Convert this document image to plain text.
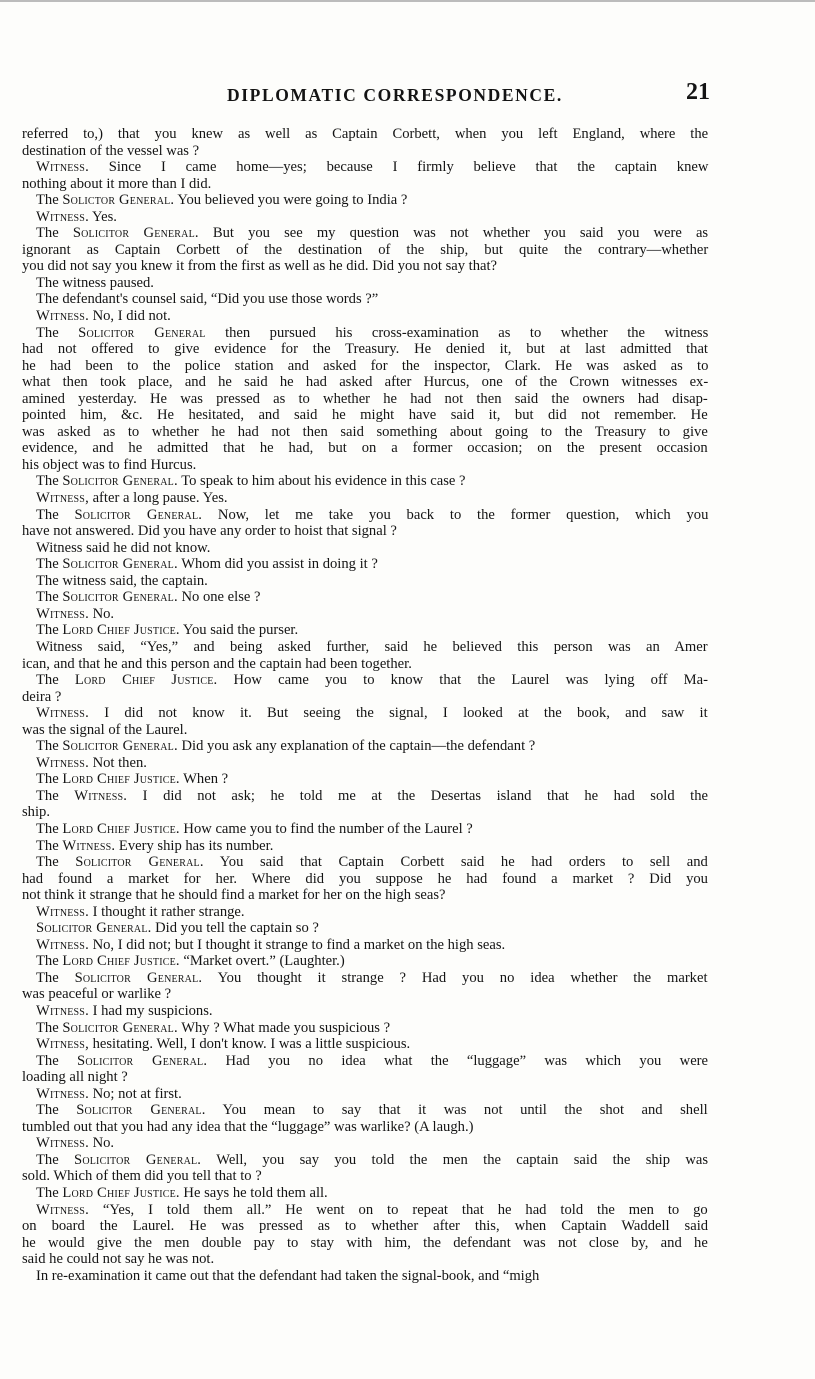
DIPLOMATIC CORRESPONDENCE.	21
referred to,) that you knew as well as Captain Corbett, when you left England, where the
destination of the vessel was ?
Witness. Since I came home—yes; because I firmly believe that the captain knew
nothing about it more than I did.
The Solictor General. You believed you were going to India ?
Witness. Yes.
The Solicitor General. But you see my question was not whether you said you were as
ignorant as Captain Corbett of the destination of the ship, but quite the contrary—whether
you did not say you knew it from the first as well as he did. Did you not say that?
The witness paused.
The defendant's counsel said, “Did you use those words ?”
Witness. No, I did not.
The Solicitor General then pursued his cross-examination as to whether the witness
had not offered to give evidence for the Treasury. He denied it, but at last admitted that
he had been to the police station and asked for the inspector, Clark. He was asked as to
what then took place, and he said he had asked after Hurcus, one of the Crown witnesses ex-
amined yesterday. He was pressed as to whether he had not then said the owners had disap-
pointed him, &c. He hesitated, and said he might have said it, but did not remember. He
was asked as to whether he had not then said something about going to the Treasury to give
evidence, and he admitted that he had, but on a former occasion; on the present occasion
his object was to find Hurcus.
The Solicitor General. To speak to him about his evidence in this case ?
Witness, after a long pause. Yes.
The Solicitor General. Now, let me take you back to the former question, which you
have not answered. Did you have any order to hoist that signal ?
Witness said he did not know.
The Solicitor General. Whom did you assist in doing it ?
The witness said, the captain.
The Solicitor General. No one else ?
Witness. No.
The Lord Chief Justice. You said the purser.
Witness said, “Yes,” and being asked further, said he believed this person was an Amer
ican, and that he and this person and the captain had been together.
The Lord Chief Justice. How came you to know that the Laurel was lying off Ma-
deira ?
Witness. I did not know it. But seeing the signal, I looked at the book, and saw it
was the signal of the Laurel.
The Solicitor General. Did you ask any explanation of the captain—the defendant ?
Witness. Not then.
The Lord Chief Justice. When ?
The Witness. I did not ask; he told me at the Desertas island that he had sold the
ship.
The Lord Chief Justice. How came you to find the number of the Laurel ?
The Witness. Every ship has its number.
The Solicitor General. You said that Captain Corbett said he had orders to sell and
had found a market for her. Where did you suppose he had found a market ? Did you
not think it strange that he should find a market for her on the high seas?
Witness. I thought it rather strange.
Solicitor General. Did you tell the captain so ?
Witness. No, I did not; but I thought it strange to find a market on the high seas.
The Lord Chief Justice. “Market overt.” (Laughter.)
The Solicitor General. You thought it strange ? Had you no idea whether the market
was peaceful or warlike ?
Witness. I had my suspicions.
The Solicitor General. Why ? What made you suspicious ?
Witness, hesitating. Well, I don't know. I was a little suspicious.
The Solicitor General. Had you no idea what the “luggage” was which you were
loading all night ?
Witness. No; not at first.
The Solicitor General. You mean to say that it was not until the shot and shell
tumbled out that you had any idea that the “luggage” was warlike? (A laugh.)
Witness. No.
The Solicitor General. Well, you say you told the men the captain said the ship was
sold. Which of them did you tell that to ?
The Lord Chief Justice. He says he told them all.
Witness. “Yes, I told them all.” He went on to repeat that he had told the men to go
on board the Laurel. He was pressed as to whether after this, when Captain Waddell said
he would give the men double pay to stay with him, the defendant was not close by, and he
said he could not say he was not.
In re-examination it came out that the defendant had taken the signal-book, and “migh
